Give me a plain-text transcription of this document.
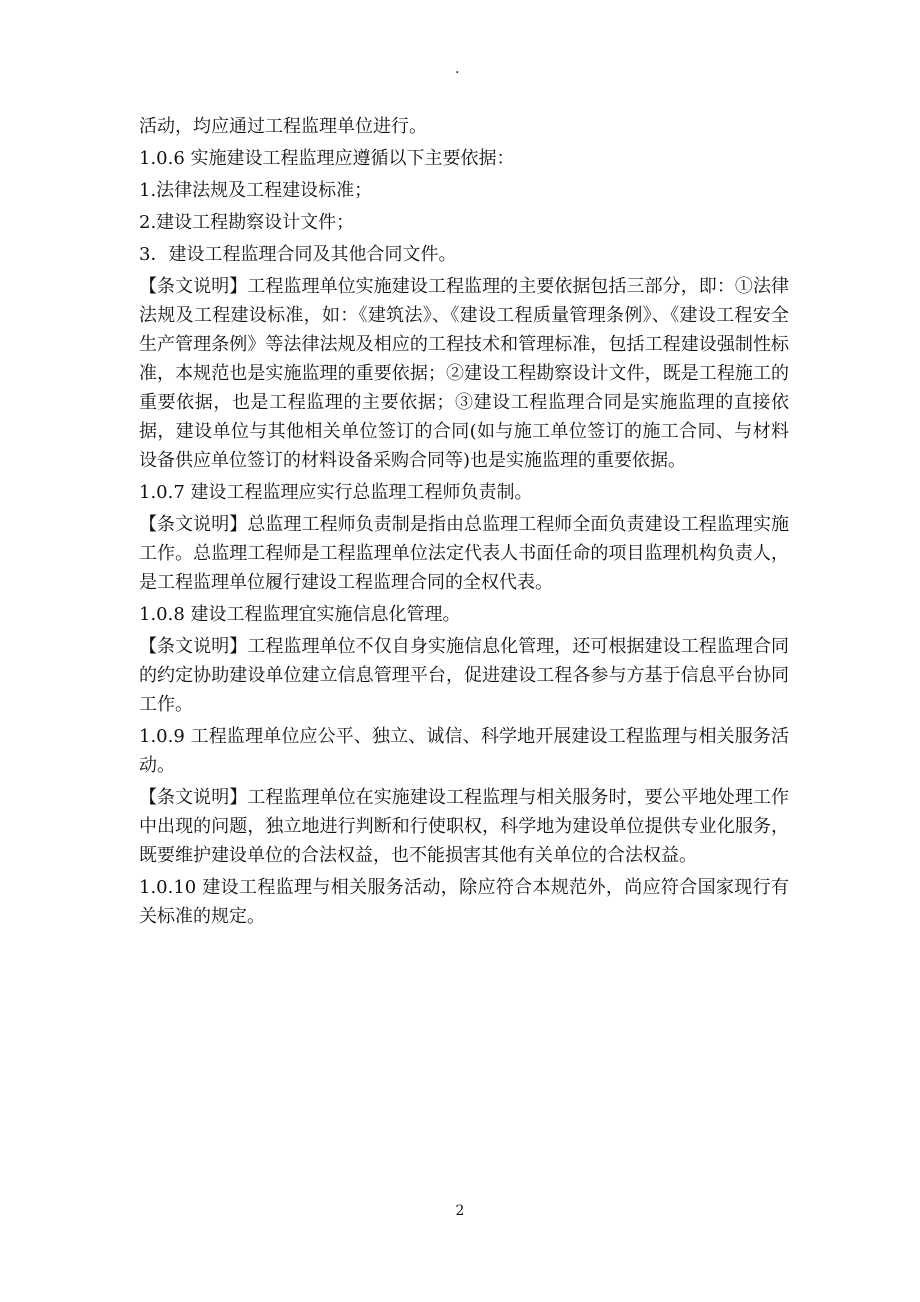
.

活动，均应通过工程监理单位进行。

1.0.6 实施建设工程监理应遵循以下主要依据：

1.法律法规及工程建设标准；

2.建设工程勘察设计文件；

3．建设工程监理合同及其他合同文件。

【条文说明】工程监理单位实施建设工程监理的主要依据包括三部分，即：①法律法规及工程建设标准，如：《建筑法》、《建设工程质量管理条例》、《建设工程安全生产管理条例》等法律法规及相应的工程技术和管理标准，包括工程建设强制性标准，本规范也是实施监理的重要依据；②建设工程勘察设计文件，既是工程施工的 重要依据，也是工程监理的主要依据；③建设工程监理合同是实施监理的直接依据，建设单位与其他相关单位签订的合同(如与施工单位签订的施工合同、与材料设备供应单位签订的材料设备采购合同等)也是实施监理的重要依据。

1.0.7 建设工程监理应实行总监理工程师负责制。

【条文说明】总监理工程师负责制是指由总监理工程师全面负责建设工程监理实施工作。总监理工程师是工程监理单位法定代表人书面任命的项目监理机构负责人，是工程监理单位履行建设工程监理合同的全权代表。

1.0.8 建设工程监理宜实施信息化管理。

【条文说明】工程监理单位不仅自身实施信息化管理，还可根据建设工程监理合同的约定协助建设单位建立信息管理平台，促进建设工程各参与方基于信息平台协同工作。

1.0.9 工程监理单位应公平、独立、诚信、科学地开展建设工程监理与相关服务活动。

【条文说明】工程监理单位在实施建设工程监理与相关服务时，要公平地处理工作中出现的问题，独立地进行判断和行使职权，科学地为建设单位提供专业化服务，既要维护建设单位的合法权益，也不能损害其他有关单位的合法权益。

1.0.10 建设工程监理与相关服务活动，除应符合本规范外，尚应符合国家现行有关标准的规定。

2
